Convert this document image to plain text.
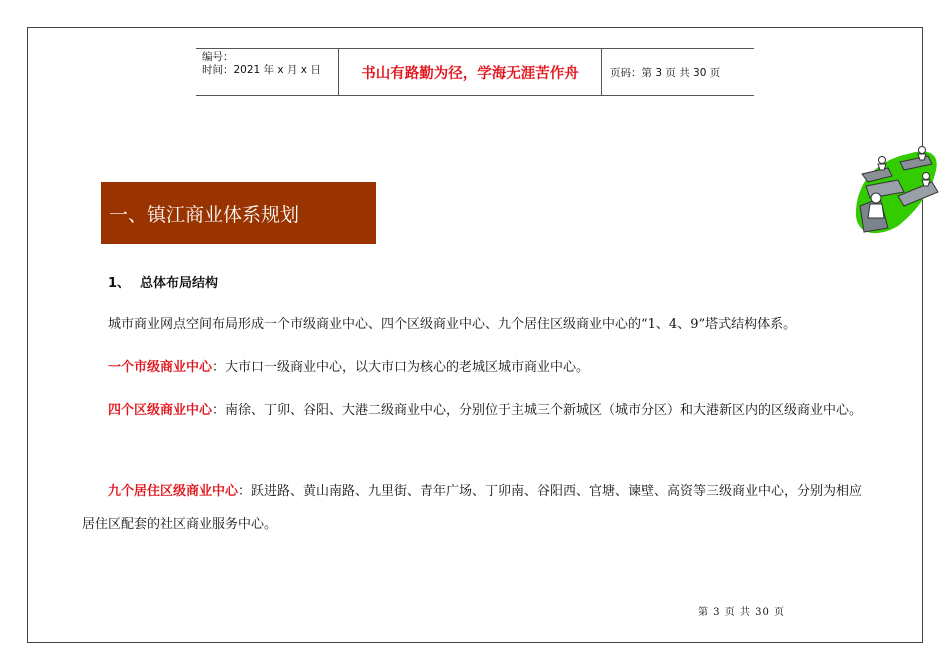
编号：
时间：2021 年 x 月 x 日	书山有路勤为径，学海无涯苦作舟	页码：第 3 页 共 30 页
一、镇江商业体系规划
1、 总体布局结构
城市商业网点空间布局形成一个市级商业中心、四个区级商业中心、九个居住区级商业中心的“1、4、9”塔式结构体系。
一个市级商业中心：大市口一级商业中心，以大市口为核心的老城区城市商业中心。
四个区级商业中心：南徐、丁卯、谷阳、大港二级商业中心，分别位于主城三个新城区（城市分区）和大港新区内的区级商业中心。
九个居住区级商业中心：跃进路、黄山南路、九里街、青年广场、丁卯南、谷阳西、官塘、谏壁、高资等三级商业中心，分别为相应居住区配套的社区商业服务中心。
第 3 页 共 30 页
